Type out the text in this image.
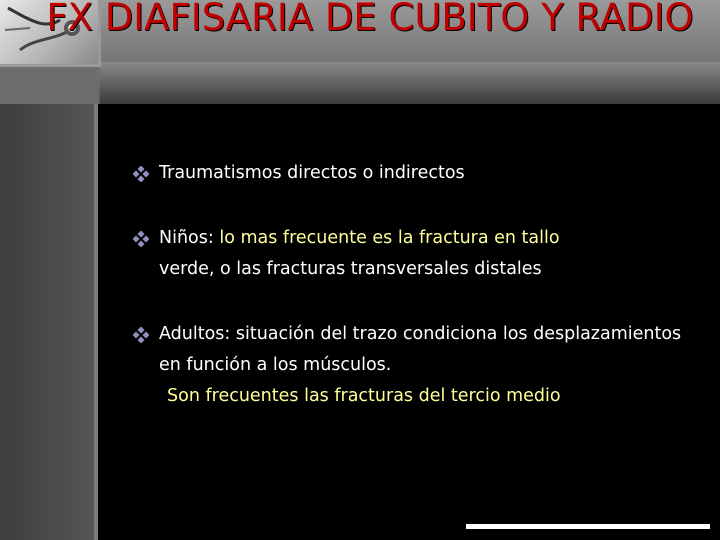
FX DIAFISARIA DE CUBITO Y RADIO
Traumatismos directos o indirectos
Niños: lo mas frecuente es la fractura en tallo
verde, o las fracturas transversales distales
Adultos: situación del trazo condiciona los desplazamientos en función a los músculos.
Son frecuentes las fracturas del tercio medio
